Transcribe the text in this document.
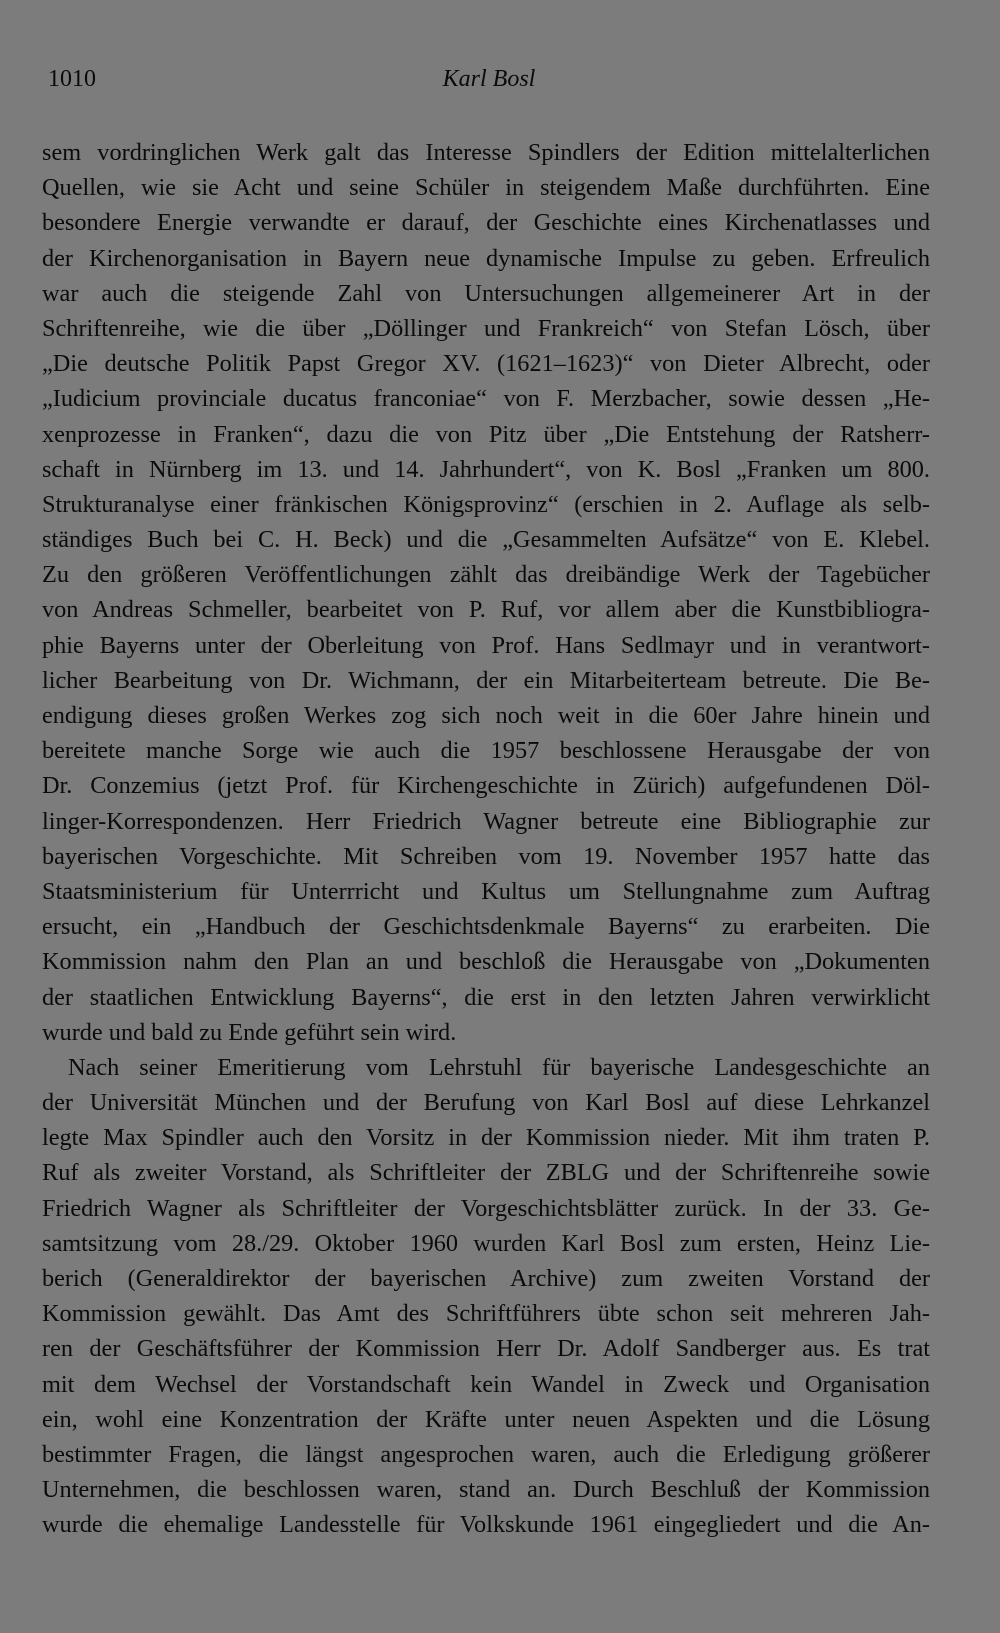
1010	Karl Bosl
sem vordringlichen Werk galt das Interesse Spindlers der Edition mittelalterlichen
Quellen, wie sie Acht und seine Schüler in steigendem Maße durchführten. Eine
besondere Energie verwandte er darauf, der Geschichte eines Kirchenatlasses und
der Kirchenorganisation in Bayern neue dynamische Impulse zu geben. Erfreulich
war auch die steigende Zahl von Untersuchungen allgemeinerer Art in der
Schriftenreihe, wie die über „Döllinger und Frankreich“ von Stefan Lösch, über
„Die deutsche Politik Papst Gregor XV. (1621–1623)“ von Dieter Albrecht, oder
„Iudicium provinciale ducatus franconiae“ von F. Merzbacher, sowie dessen „He-
xenprozesse in Franken“, dazu die von Pitz über „Die Entstehung der Ratsherr-
schaft in Nürnberg im 13. und 14. Jahrhundert“, von K. Bosl „Franken um 800.
Strukturanalyse einer fränkischen Königsprovinz“ (erschien in 2. Auflage als selb-
ständiges Buch bei C. H. Beck) und die „Gesammelten Aufsätze“ von E. Klebel.
Zu den größeren Veröffentlichungen zählt das dreibändige Werk der Tagebücher
von Andreas Schmeller, bearbeitet von P. Ruf, vor allem aber die Kunstbibliogra-
phie Bayerns unter der Oberleitung von Prof. Hans Sedlmayr und in verantwort-
licher Bearbeitung von Dr. Wichmann, der ein Mitarbeiterteam betreute. Die Be-
endigung dieses großen Werkes zog sich noch weit in die 60er Jahre hinein und
bereitete manche Sorge wie auch die 1957 beschlossene Herausgabe der von
Dr. Conzemius (jetzt Prof. für Kirchengeschichte in Zürich) aufgefundenen Döl-
linger-Korrespondenzen. Herr Friedrich Wagner betreute eine Bibliographie zur
bayerischen Vorgeschichte. Mit Schreiben vom 19. November 1957 hatte das
Staatsministerium für Unterrricht und Kultus um Stellungnahme zum Auftrag
ersucht, ein „Handbuch der Geschichtsdenkmale Bayerns“ zu erarbeiten. Die
Kommission nahm den Plan an und beschloß die Herausgabe von „Dokumenten
der staatlichen Entwicklung Bayerns“, die erst in den letzten Jahren verwirklicht
wurde und bald zu Ende geführt sein wird.
Nach seiner Emeritierung vom Lehrstuhl für bayerische Landesgeschichte an
der Universität München und der Berufung von Karl Bosl auf diese Lehrkanzel
legte Max Spindler auch den Vorsitz in der Kommission nieder. Mit ihm traten P.
Ruf als zweiter Vorstand, als Schriftleiter der ZBLG und der Schriftenreihe sowie
Friedrich Wagner als Schriftleiter der Vorgeschichtsblätter zurück. In der 33. Ge-
samtsitzung vom 28./29. Oktober 1960 wurden Karl Bosl zum ersten, Heinz Lie-
berich (Generaldirektor der bayerischen Archive) zum zweiten Vorstand der
Kommission gewählt. Das Amt des Schriftführers übte schon seit mehreren Jah-
ren der Geschäftsführer der Kommission Herr Dr. Adolf Sandberger aus. Es trat
mit dem Wechsel der Vorstandschaft kein Wandel in Zweck und Organisation
ein, wohl eine Konzentration der Kräfte unter neuen Aspekten und die Lösung
bestimmter Fragen, die längst angesprochen waren, auch die Erledigung größerer
Unternehmen, die beschlossen waren, stand an. Durch Beschluß der Kommission
wurde die ehemalige Landesstelle für Volkskunde 1961 eingegliedert und die An-
